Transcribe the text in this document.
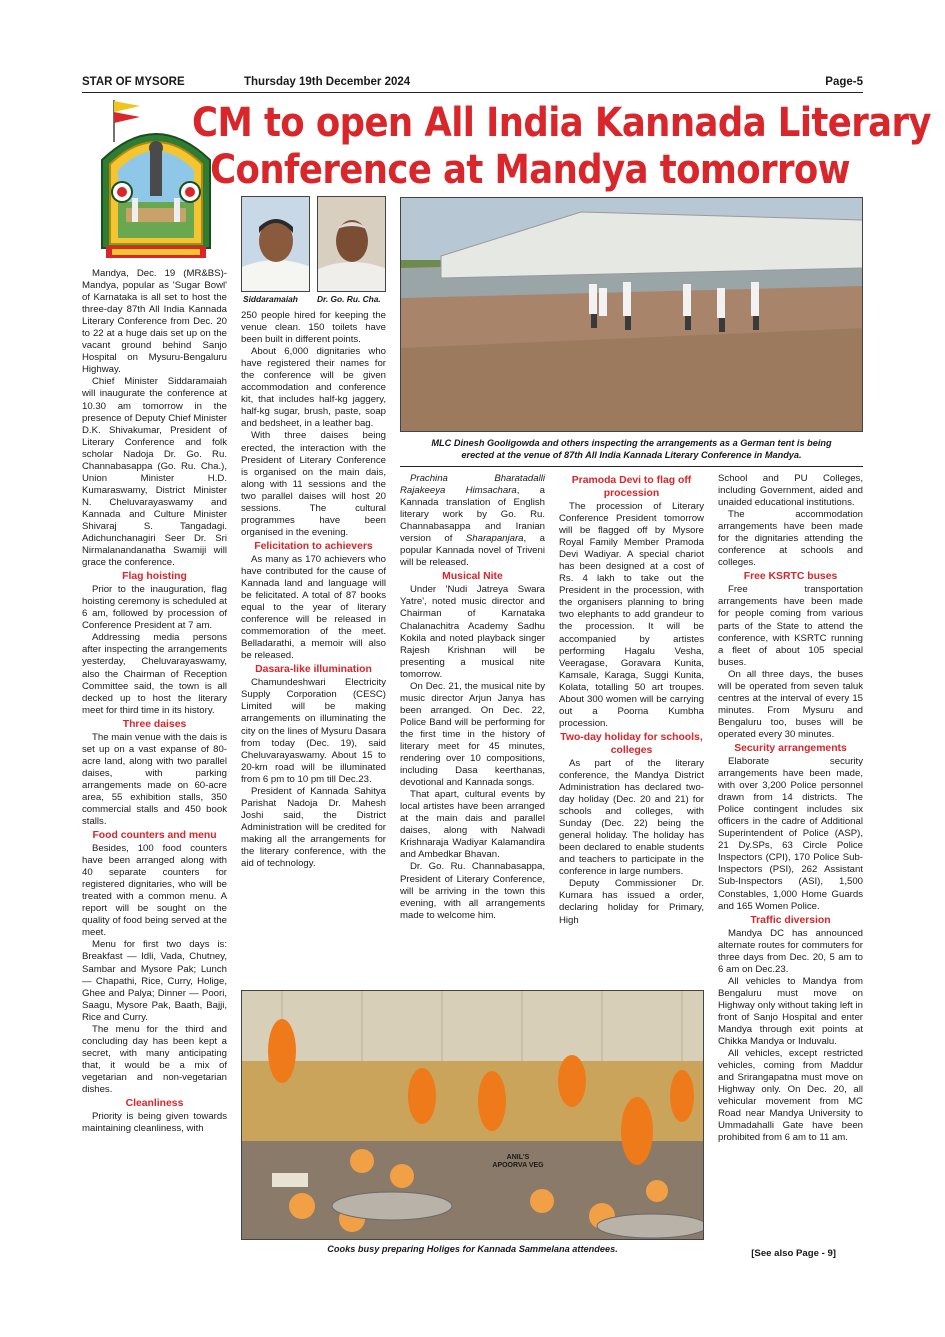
STAR OF MYSORE	Thursday 19th December 2024	Page-5
CM to open All India Kannada Literary
Conference at Mandya tomorrow

Mandya, Dec. 19 (MR&BS)- Mandya, popular as 'Sugar Bowl' of Karnataka is all set to host the three-day 87th All India Kannada Literary Conference from Dec. 20 to 22 at a huge dais set up on the vacant ground behind Sanjo Hospital on Mysuru-Bengaluru Highway.

Chief Minister Siddaramaiah will inaugurate the conference at 10.30 am tomorrow in the presence of Deputy Chief Minister D.K. Shivakumar, President of Literary Conference and folk scholar Nadoja Dr. Go. Ru. Channabasappa (Go. Ru. Cha.), Union Minister H.D. Kumaraswamy, District Minister N. Cheluvarayaswamy and Kannada and Culture Minister Shivaraj S. Tangadagi. Adichunchanagiri Seer Dr. Sri Nirmalanandanatha Swamiji will grace the conference.

Flag hoisting

Prior to the inauguration, flag hoisting ceremony is scheduled at 6 am, followed by procession of Conference President at 7 am.

Addressing media persons after inspecting the arrangements yesterday, Cheluvarayaswamy, also the Chairman of Reception Committee said, the town is all decked up to host the literary meet for third time in its history.

Three daises

The main venue with the dais is set up on a vast expanse of 80-acre land, along with two parallel daises, with parking arrangements made on 60-acre area, 55 exhibition stalls, 350 commercial stalls and 450 book stalls.

Food counters and menu

Besides, 100 food counters have been arranged along with 40 separate counters for registered dignitaries, who will be treated with a common menu. A report will be sought on the quality of food being served at the meet.

Menu for first two days is: Breakfast — Idli, Vada, Chutney, Sambar and Mysore Pak; Lunch — Chapathi, Rice, Curry, Holige, Ghee and Palya; Dinner — Poori, Saagu, Mysore Pak, Baath, Bajji, Rice and Curry.

The menu for the third and concluding day has been kept a secret, with many anticipating that, it would be a mix of vegetarian and non-vegetarian dishes.

Cleanliness

Priority is being given towards maintaining cleanliness, with

Siddaramaiah Dr. Go. Ru. Cha.

250 people hired for keeping the venue clean. 150 toilets have been built in different points.

About 6,000 dignitaries who have registered their names for the conference will be given accommodation and conference kit, that includes half-kg jaggery, half-kg sugar, brush, paste, soap and bedsheet, in a leather bag.

With three daises being erected, the interaction with the President of Literary Conference is organised on the main dais, along with 11 sessions and the two parallel daises will host 20 sessions. The cultural programmes have been organised in the evening.

Felicitation to achievers

As many as 170 achievers who have contributed for the cause of Kannada land and language will be felicitated. A total of 87 books equal to the year of literary conference will be released in commemoration of the meet. Belladarathi, a memoir will also be released.

Dasara-like illumination

Chamundeshwari Electricity Supply Corporation (CESC) Limited will be making arrangements on illuminating the city on the lines of Mysuru Dasara from today (Dec. 19), said Cheluvarayaswamy. About 15 to 20-km road will be illuminated from 6 pm to 10 pm till Dec.23.

President of Kannada Sahitya Parishat Nadoja Dr. Mahesh Joshi said, the District Administration will be credited for making all the arrangements for the literary conference, with the aid of technology.

MLC Dinesh Gooligowda and others inspecting the arrangements as a German tent is being
erected at the venue of 87th All India Kannada Literary Conference in Mandya.

Prachina Bharatadalli Rajakeeya Himsachara, a Kannada translation of English literary work by Go. Ru. Channabasappa and Iranian version of Sharapanjara, a popular Kannada novel of Triveni will be released.

Musical Nite

Under 'Nudi Jatreya Swara Yatre', noted music director and Chairman of Karnataka Chalanachitra Academy Sadhu Kokila and noted playback singer Rajesh Krishnan will be presenting a musical nite tomorrow.

On Dec. 21, the musical nite by music director Arjun Janya has been arranged. On Dec. 22, Police Band will be performing for the first time in the history of literary meet for 45 minutes, rendering over 10 compositions, including Dasa keerthanas, devotional and Kannada songs.

That apart, cultural events by local artistes have been arranged at the main dais and parallel daises, along with Nalwadi Krishnaraja Wadiyar Kalamandira and Ambedkar Bhavan.

Dr. Go. Ru. Channabasappa, President of Literary Conference, will be arriving in the town this evening, with all arrangements made to welcome him.

Pramoda Devi to flag off procession

The procession of Literary Conference President tomorrow will be flagged off by Mysore Royal Family Member Pramoda Devi Wadiyar. A special chariot has been designed at a cost of Rs. 4 lakh to take out the President in the procession, with the organisers planning to bring two elephants to add grandeur to the procession. It will be accompanied by artistes performing Hagalu Vesha, Veeragase, Goravara Kunita, Kamsale, Karaga, Suggi Kunita, Kolata, totalling 50 art troupes. About 300 women will be carrying out a Poorna Kumbha procession.

Two-day holiday for schools, colleges

As part of the literary conference, the Mandya District Administration has declared two-day holiday (Dec. 20 and 21) for schools and colleges, with Sunday (Dec. 22) being the general holiday. The holiday has been declared to enable students and teachers to participate in the conference in large numbers.

Deputy Commissioner Dr. Kumara has issued a order, declaring holiday for Primary, High

School and PU Colleges, including Government, aided and unaided educational institutions.

The accommodation arrangements have been made for the dignitaries attending the conference at schools and colleges.

Free KSRTC buses

Free transportation arrangements have been made for people coming from various parts of the State to attend the conference, with KSRTC running a fleet of about 105 special buses.

On all three days, the buses will be operated from seven taluk centres at the interval of every 15 minutes. From Mysuru and Bengaluru too, buses will be operated every 30 minutes.

Security arrangements

Elaborate security arrangements have been made, with over 3,200 Police personnel drawn from 14 districts. The Police contingent includes six officers in the cadre of Additional Superintendent of Police (ASP), 21 Dy.SPs, 63 Circle Police Inspectors (CPI), 170 Police Sub-Inspectors (PSI), 262 Assistant Sub-Inspectors (ASI), 1,500 Constables, 1,000 Home Guards and 165 Women Police.

Traffic diversion

Mandya DC has announced alternate routes for commuters for three days from Dec. 20, 5 am to 6 am on Dec.23.

All vehicles to Mandya from Bengaluru must move on Highway only without taking left in front of Sanjo Hospital and enter Mandya through exit points at Chikka Mandya or Induvalu.

All vehicles, except restricted vehicles, coming from Maddur and Srirangapatna must move on Highway only. On Dec. 20, all vehicular movement from MC Road near Mandya University to Ummadahalli Gate have been prohibited from 6 am to 11 am.

[See also Page - 9]
Cooks busy preparing Holiges for Kannada Sammelana attendees.
ANIL'S APOORVA VEG
